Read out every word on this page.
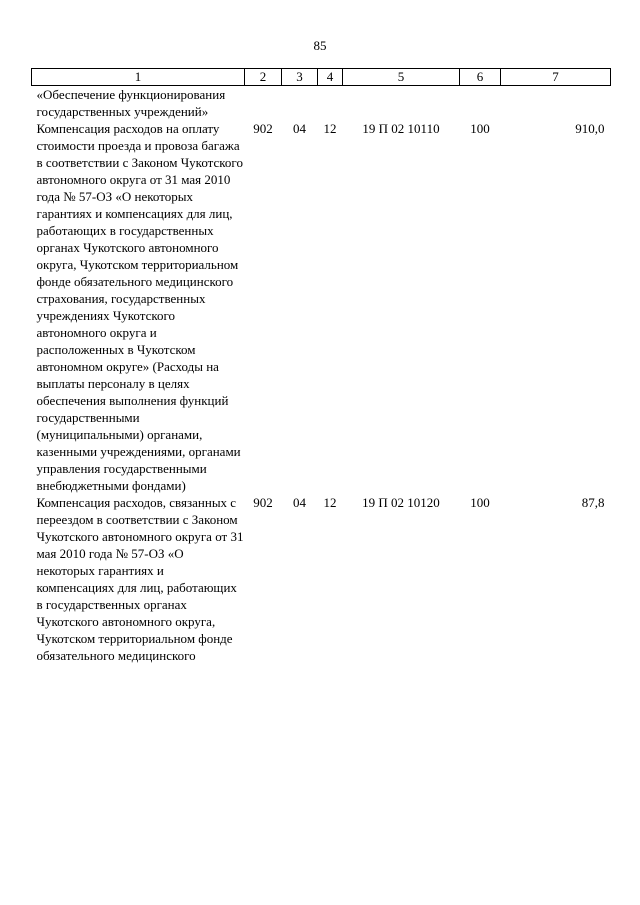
85
1	2	3	4	5	6	7
«Обеспечение функционирования государственных учреждений»						
Компенсация расходов на оплату стоимости проезда и провоза багажа в соответствии с Законом Чукотского автономного округа от 31 мая 2010 года № 57-ОЗ «О некоторых гарантиях и компенсациях для лиц, работающих в государственных органах Чукотского автономного округа, Чукотском территориальном фонде обязательного медицинского страхования, государственных учреждениях Чукотского автономного округа и расположенных в Чукотском автономном округе» (Расходы на выплаты персоналу в целях обеспечения выполнения функций государственными (муниципальными) органами, казенными учреждениями, органами управления государственными внебюджетными фондами)	902	04	12	19 П 02 10110	100	910,0
Компенсация расходов, связанных с переездом в соответствии с Законом Чукотского автономного округа от 31 мая 2010 года № 57-ОЗ «О некоторых гарантиях и компенсациях для лиц, работающих в государственных органах Чукотского автономного округа, Чукотском территориальном фонде обязательного медицинского	902	04	12	19 П 02 10120	100	87,8
